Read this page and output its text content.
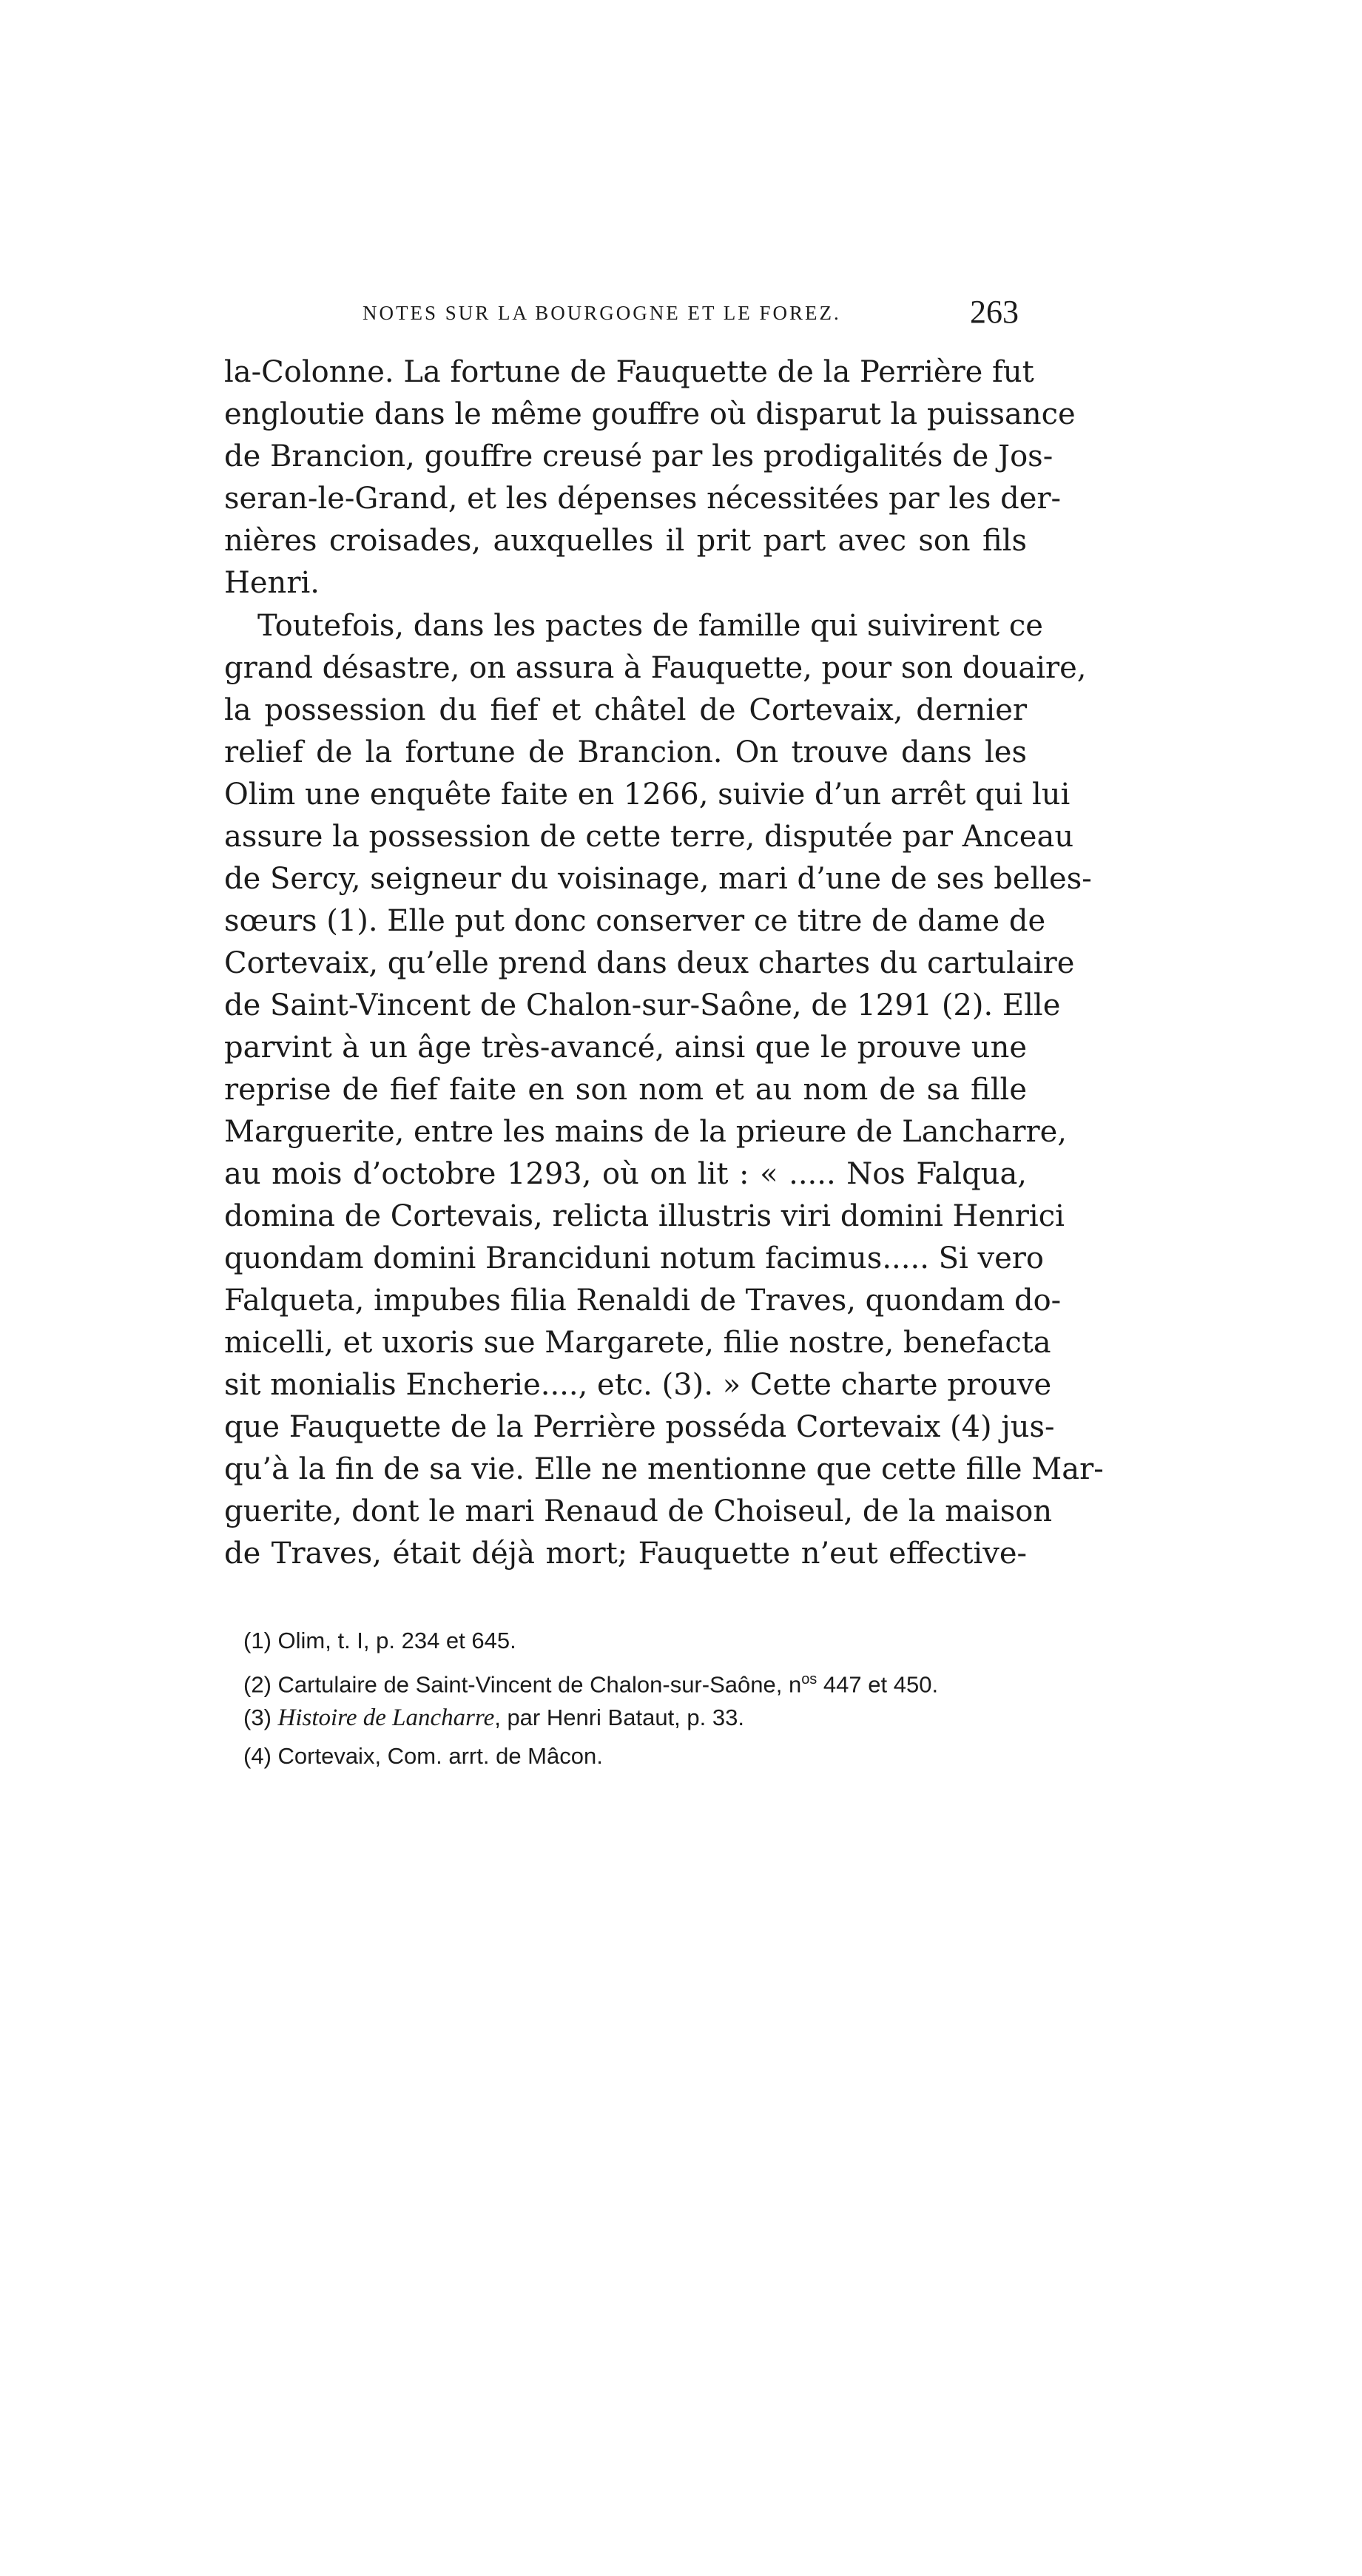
NOTES SUR LA BOURGOGNE ET LE FOREZ.	263
la-Colonne. La fortune de Fauquette de la Perrière fut
engloutie dans le même gouffre où disparut la puissance
de Brancion, gouffre creusé par les prodigalités de Jos-
seran-le-Grand, et les dépenses nécessitées par les der-
nières croisades, auxquelles il prit part avec son fils
Henri.
Toutefois, dans les pactes de famille qui suivirent ce
grand désastre, on assura à Fauquette, pour son douaire,
la possession du fief et châtel de Cortevaix, dernier
relief de la fortune de Brancion. On trouve dans les
Olim une enquête faite en 1266, suivie d’un arrêt qui lui
assure la possession de cette terre, disputée par Anceau
de Sercy, seigneur du voisinage, mari d’une de ses belles-
sœurs (1). Elle put donc conserver ce titre de dame de
Cortevaix, qu’elle prend dans deux chartes du cartulaire
de Saint-Vincent de Chalon-sur-Saône, de 1291 (2). Elle
parvint à un âge très-avancé, ainsi que le prouve une
reprise de fief faite en son nom et au nom de sa fille
Marguerite, entre les mains de la prieure de Lancharre,
au mois d’octobre 1293, où on lit : « ..... Nos Falqua,
domina de Cortevais, relicta illustris viri domini Henrici
quondam domini Branciduni notum facimus..... Si vero
Falqueta, impubes filia Renaldi de Traves, quondam do-
micelli, et uxoris sue Margarete, filie nostre, benefacta
sit monialis Encherie...., etc. (3). » Cette charte prouve
que Fauquette de la Perrière posséda Cortevaix (4) jus-
qu’à la fin de sa vie. Elle ne mentionne que cette fille Mar-
guerite, dont le mari Renaud de Choiseul, de la maison
de Traves, était déjà mort; Fauquette n’eut effective-
(1) Olim, t. I, p. 234 et 645.
(2) Cartulaire de Saint-Vincent de Chalon-sur-Saône, $n^{os}$ 447 et 450.
(3) Histoire de Lancharre, par Henri Bataut, p. 33.
(4) Cortevaix, Com. arrt. de Mâcon.
